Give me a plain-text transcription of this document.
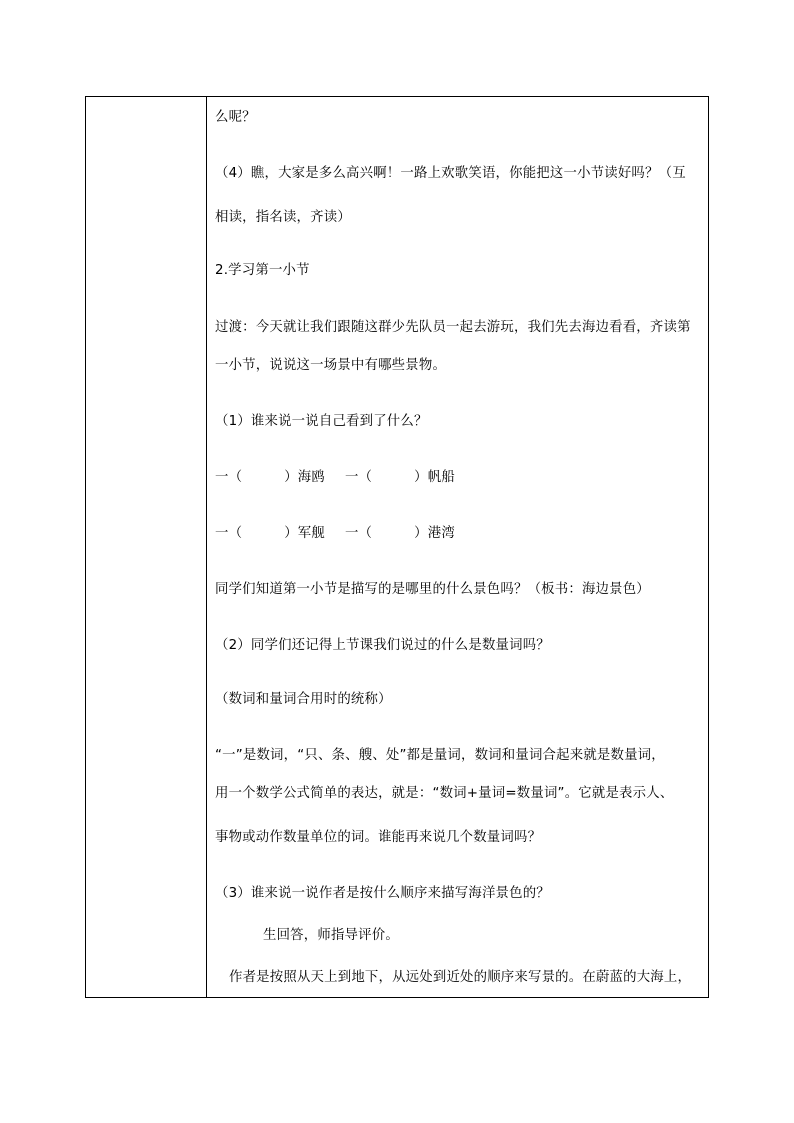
么呢？
（4）瞧，大家是多么高兴啊！一路上欢歌笑语，你能把这一小节读好吗？（互
相读，指名读，齐读）
2.学习第一小节
过渡：今天就让我们跟随这群少先队员一起去游玩，我们先去海边看看，齐读第
一小节，说说这一场景中有哪些景物。
（1）谁来说一说自己看到了什么？
一（	）海鸥 一（	）帆船
一（	）军舰 一（	）港湾
同学们知道第一小节是描写的是哪里的什么景色吗？（板书：海边景色）
（2）同学们还记得上节课我们说过的什么是数量词吗？
（数词和量词合用时的统称）
“一”是数词，“只、条、艘、处”都是量词，数词和量词合起来就是数量词，
用一个数学公式简单的表达，就是：“数词+量词=数量词”。它就是表示人、
事物或动作数量单位的词。谁能再来说几个数量词吗？
（3）谁来说一说作者是按什么顺序来描写海洋景色的？
生回答，师指导评价。
作者是按照从天上到地下，从远处到近处的顺序来写景的。在蔚蓝的大海上，
